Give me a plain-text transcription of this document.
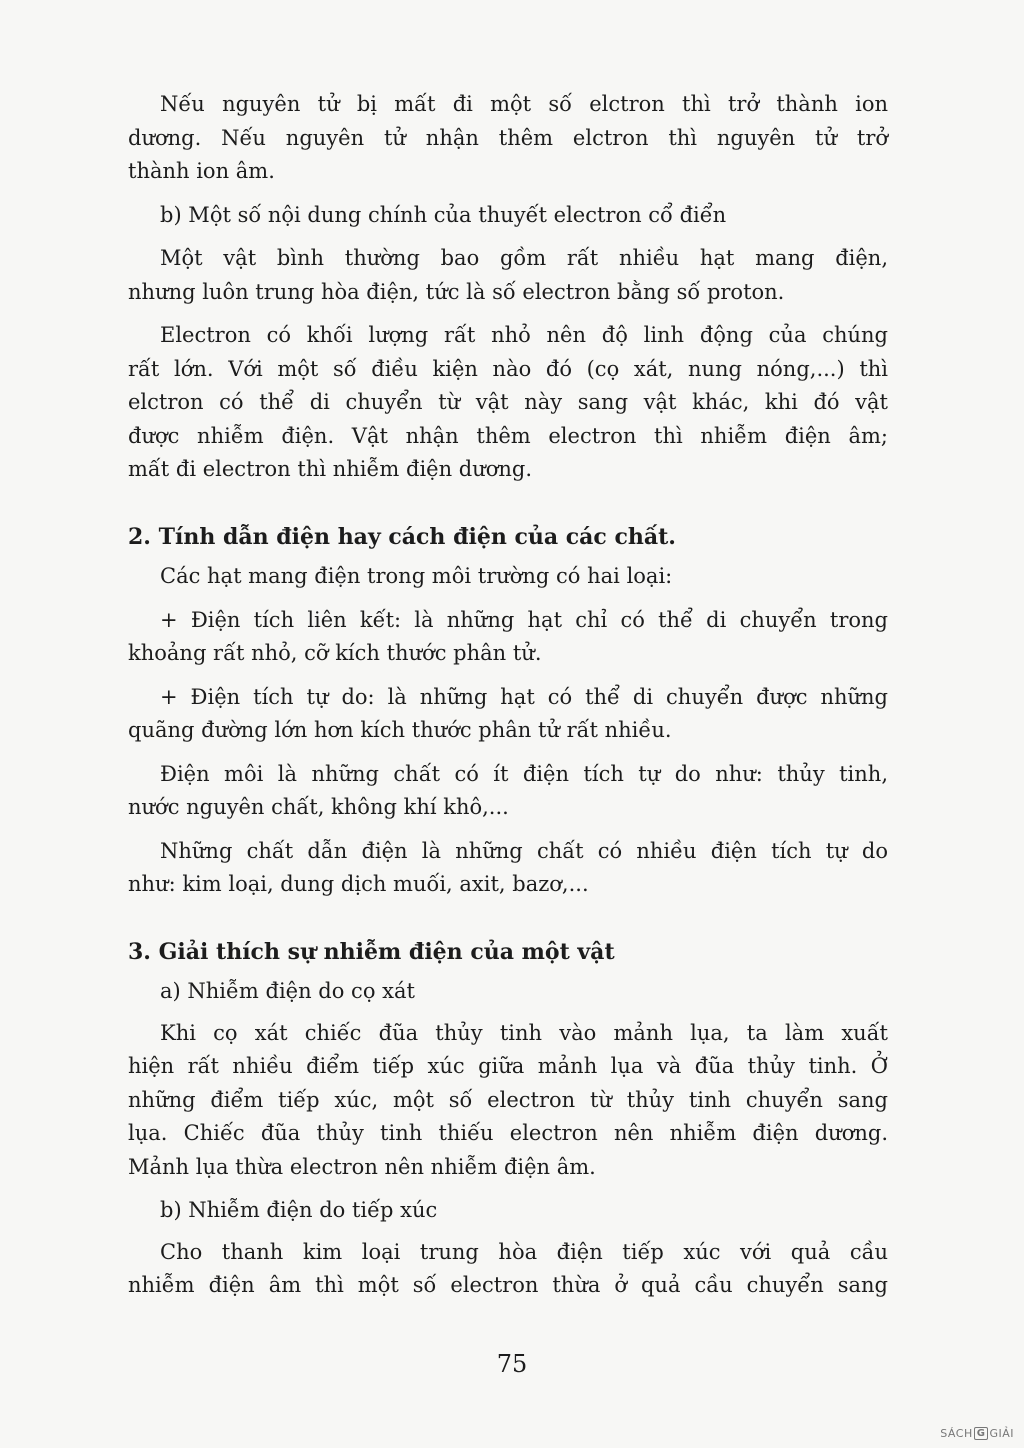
Nếu nguyên tử bị mất đi một số elctron thì trở thành ion
dương. Nếu nguyên tử nhận thêm elctron thì nguyên tử trở
thành ion âm.
b) Một số nội dung chính của thuyết electron cổ điển
Một vật bình thường bao gồm rất nhiều hạt mang điện,
nhưng luôn trung hòa điện, tức là số electron bằng số proton.
Electron có khối lượng rất nhỏ nên độ linh động của chúng
rất lớn. Với một số điều kiện nào đó (cọ xát, nung nóng,...) thì
elctron có thể di chuyển từ vật này sang vật khác, khi đó vật
được nhiễm điện. Vật nhận thêm electron thì nhiễm điện âm;
mất đi electron thì nhiễm điện dương.
2. Tính dẫn điện hay cách điện của các chất.
Các hạt mang điện trong môi trường có hai loại:
+ Điện tích liên kết: là những hạt chỉ có thể di chuyển trong
khoảng rất nhỏ, cỡ kích thước phân tử.
+ Điện tích tự do: là những hạt có thể di chuyển được những
quãng đường lớn hơn kích thước phân tử rất nhiều.
Điện môi là những chất có ít điện tích tự do như: thủy tinh,
nước nguyên chất, không khí khô,...
Những chất dẫn điện là những chất có nhiều điện tích tự do
như: kim loại, dung dịch muối, axit, bazơ,...
3. Giải thích sự nhiễm điện của một vật
a) Nhiễm điện do cọ xát
Khi cọ xát chiếc đũa thủy tinh vào mảnh lụa, ta làm xuất
hiện rất nhiều điểm tiếp xúc giữa mảnh lụa và đũa thủy tinh. Ở
những điểm tiếp xúc, một số electron từ thủy tinh chuyển sang
lụa. Chiếc đũa thủy tinh thiếu electron nên nhiễm điện dương.
Mảnh lụa thừa electron nên nhiễm điện âm.
b) Nhiễm điện do tiếp xúc
Cho thanh kim loại trung hòa điện tiếp xúc với quả cầu
nhiễm điện âm thì một số electron thừa ở quả cầu chuyển sang
75
SÁCH G GIẢI
